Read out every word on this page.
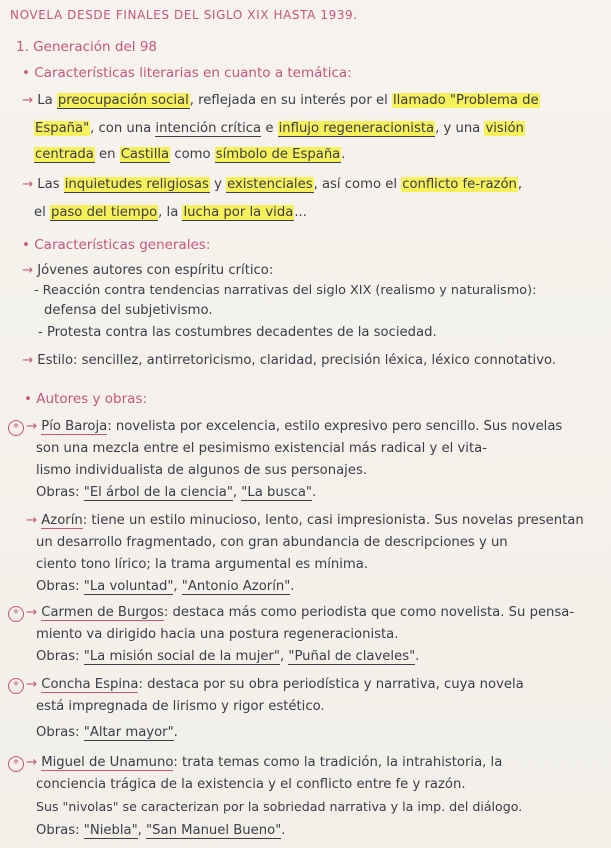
NOVELA DESDE FINALES DEL SIGLO XIX HASTA 1939.
1. Generación del 98
• Características literarias en cuanto a temática:
→ La preocupación social, reflejada en su interés por el llamado "Problema de
España", con una intención crítica e influjo regeneracionista, y una visión
centrada en Castilla como símbolo de España.
→ Las inquietudes religiosas y existenciales, así como el conflicto fe-razón,
el paso del tiempo, la lucha por la vida...
• Características generales:
→ Jóvenes autores con espíritu crítico:
- Reacción contra tendencias narrativas del siglo XIX (realismo y naturalismo):
defensa del subjetivismo.
- Protesta contra las costumbres decadentes de la sociedad.
→ Estilo: sencillez, antirretoricismo, claridad, precisión léxica, léxico connotativo.
• Autores y obras:
* → Pío Baroja: novelista por excelencia, estilo expresivo pero sencillo. Sus novelas
son una mezcla entre el pesimismo existencial más radical y el vita-
lismo individualista de algunos de sus personajes.
Obras: "El árbol de la ciencia", "La busca".
→ Azorín: tiene un estilo minucioso, lento, casi impresionista. Sus novelas presentan
un desarrollo fragmentado, con gran abundancia de descripciones y un
ciento tono lírico; la trama argumental es mínima.
Obras: "La voluntad", "Antonio Azorín".
* → Carmen de Burgos: destaca más como periodista que como novelista. Su pensa-
miento va dirigido hacia una postura regeneracionista.
Obras: "La misión social de la mujer", "Puñal de claveles".
* → Concha Espina: destaca por su obra periodística y narrativa, cuya novela
está impregnada de lirismo y rigor estético.
Obras: "Altar mayor".
* → Miguel de Unamuno: trata temas como la tradición, la intrahistoria, la
conciencia trágica de la existencia y el conflicto entre fe y razón.
Sus "nivolas" se caracterizan por la sobriedad narrativa y la imp. del diálogo.
Obras: "Niebla", "San Manuel Bueno".
